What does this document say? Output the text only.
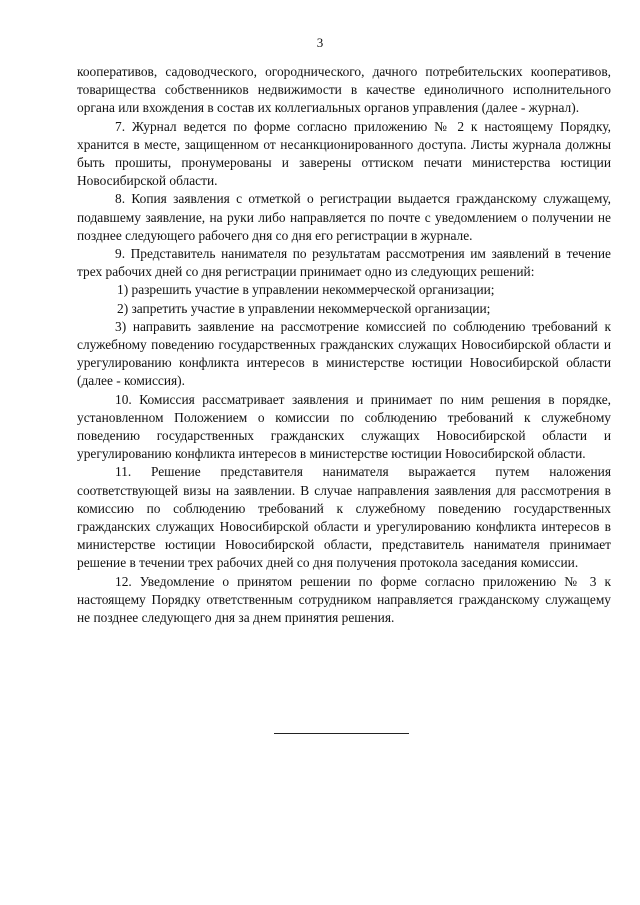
3

кооперативов, садоводческого, огороднического, дачного потребительских кооперативов, товарищества собственников недвижимости в качестве единоличного исполнительного органа или вхождения в состав их коллегиальных органов управления (далее - журнал).

7. Журнал ведется по форме согласно приложению № 2 к настоящему Порядку, хранится в месте, защищенном от несанкционированного доступа. Листы журнала должны быть прошиты, пронумерованы и заверены оттиском печати министерства юстиции Новосибирской области.

8. Копия заявления с отметкой о регистрации выдается гражданскому служащему, подавшему заявление, на руки либо направляется по почте с уведомлением о получении не позднее следующего рабочего дня со дня его регистрации в журнале.

9. Представитель нанимателя по результатам рассмотрения им заявлений в течение трех рабочих дней со дня регистрации принимает одно из следующих решений:

1) разрешить участие в управлении некоммерческой организации;

2) запретить участие в управлении некоммерческой организации;

3) направить заявление на рассмотрение комиссией по соблюдению требований к служебному поведению государственных гражданских служащих Новосибирской области и урегулированию конфликта интересов в министерстве юстиции Новосибирской области (далее - комиссия).

10. Комиссия рассматривает заявления и принимает по ним решения в порядке, установленном Положением о комиссии по соблюдению требований к служебному поведению государственных гражданских служащих Новосибирской области и урегулированию конфликта интересов в министерстве юстиции Новосибирской области.

11. Решение представителя нанимателя выражается путем наложения соответствующей визы на заявлении. В случае направления заявления для рассмотрения в комиссию по соблюдению требований к служебному поведению государственных гражданских служащих Новосибирской области и урегулированию конфликта интересов в министерстве юстиции Новосибирской области, представитель нанимателя принимает решение в течении трех рабочих дней со дня получения протокола заседания комиссии.

12. Уведомление о принятом решении по форме согласно приложению № 3 к настоящему Порядку ответственным сотрудником направляется гражданскому служащему не позднее следующего дня за днем принятия решения.
